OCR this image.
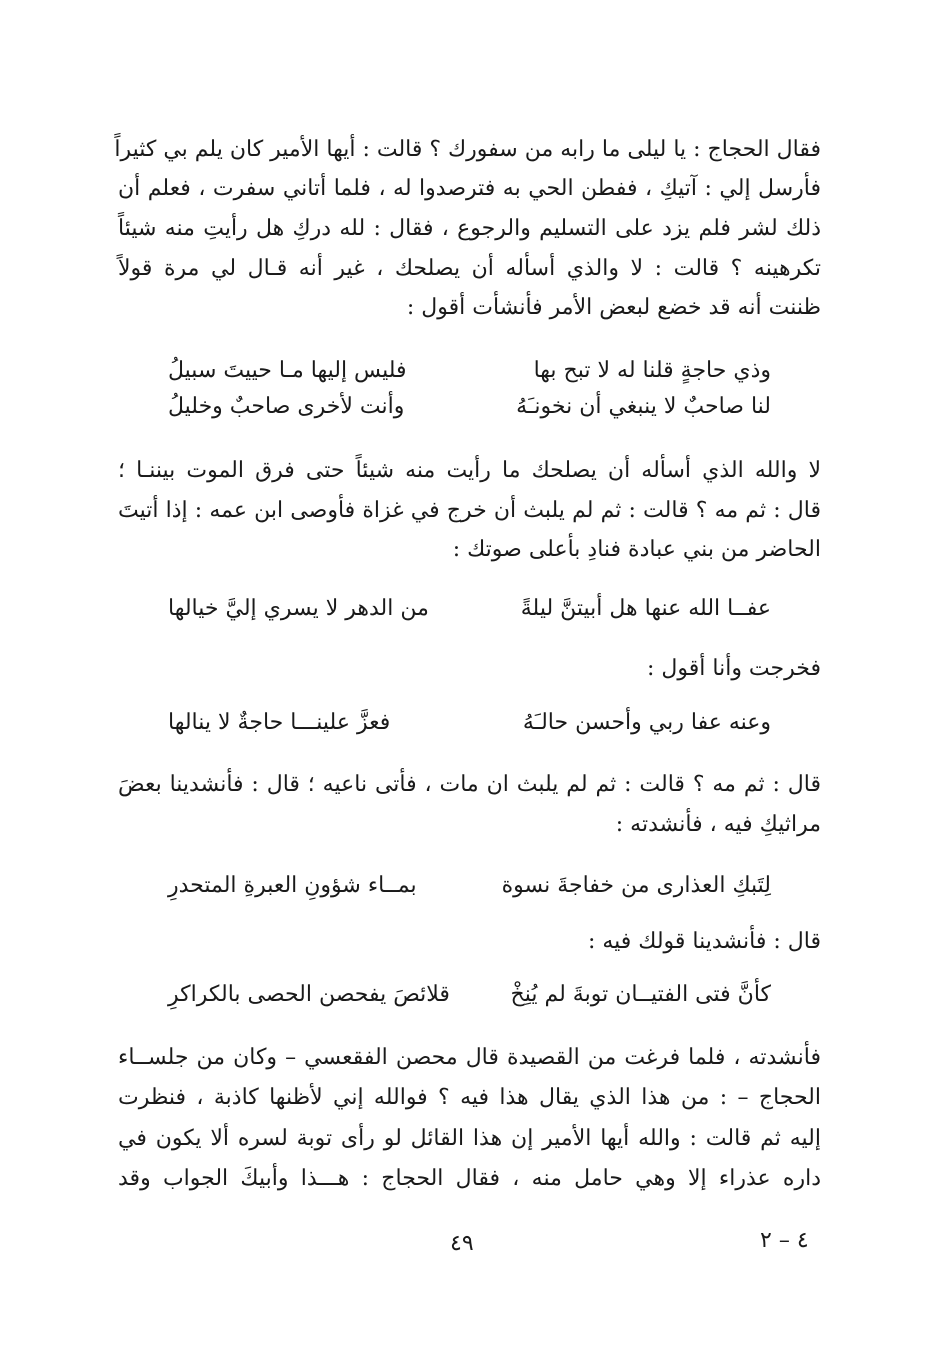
فقال الحجاج : يا ليلى ما رابه من سفورك ؟ قالت : أيها الأمير كان يلم بي كثيراً
فأرسل إلي : آتيكِ ، ففطن الحي به فترصدوا له ، فلما أتاني سفرت ، فعلم أن
ذلك لشر فلم يزد على التسليم والرجوع ، فقال : لله دركِ هل رأيتِ منه شيئاً
تكرهينه ؟ قالت : لا والذي أسأله أن يصلحك ، غير أنه قـال لي مرة قولاً
ظننت أنه قد خضع لبعض الأمر فأنشأت أقول :
وذي حاجةٍ قلنا له لا تبح بها
فليس إليها مـا حييتَ سبيلُ
لنا صاحبٌ لا ينبغي أن نخونـَهُ
وأنت لأخرى صاحبٌ وخليلُ
لا والله الذي أسأله أن يصلحك ما رأيت منه شيئاً حتى فرق الموت بيننـا ؛
قال : ثم مه ؟ قالت : ثم لم يلبث أن خرج في غزاة فأوصى ابن عمه : إذا أتيتَ
الحاضر من بني عبادة فنادِ بأعلى صوتك :
عفــا الله عنها هل أبيتنَّ ليلةً
من الدهر لا يسري إليَّ خيالها
فخرجت وأنا أقول :
وعنه عفا ربي وأحسن حالـَهُ
فعزَّ علينـــا حاجةٌ لا ينالها
قال : ثم مه ؟ قالت : ثم لم يلبث ان مات ، فأتى ناعيه ؛ قال : فأنشدينا بعضَ
مراثيكِ فيه ، فأنشدته :
لِتَبكِ العذارى من خفاجةَ نسوة
بمــاء شؤونِ العبرةِ المتحدرِ
قال : فأنشدينا قولك فيه :
كأنَّ فتى الفتيــان توبةَ لم يُنِخْ
قلائصَ يفحصن الحصى بالكراكرِ
فأنشدته ، فلما فرغت من القصيدة قال محصن الفقعسي – وكان من جلســاء
الحجاج – : من هذا الذي يقال هذا فيه ؟ فوالله إني لأظنها كاذبة ، فنظرت
إليه ثم قالت : والله أيها الأمير إن هذا القائل لو رأى توبة لسره ألا يكون في
داره عذراء إلا وهي حامل منه ، فقال الحجاج : هـــذا وأبيكَ الجواب وقد
٤٩	٤ – ٢
